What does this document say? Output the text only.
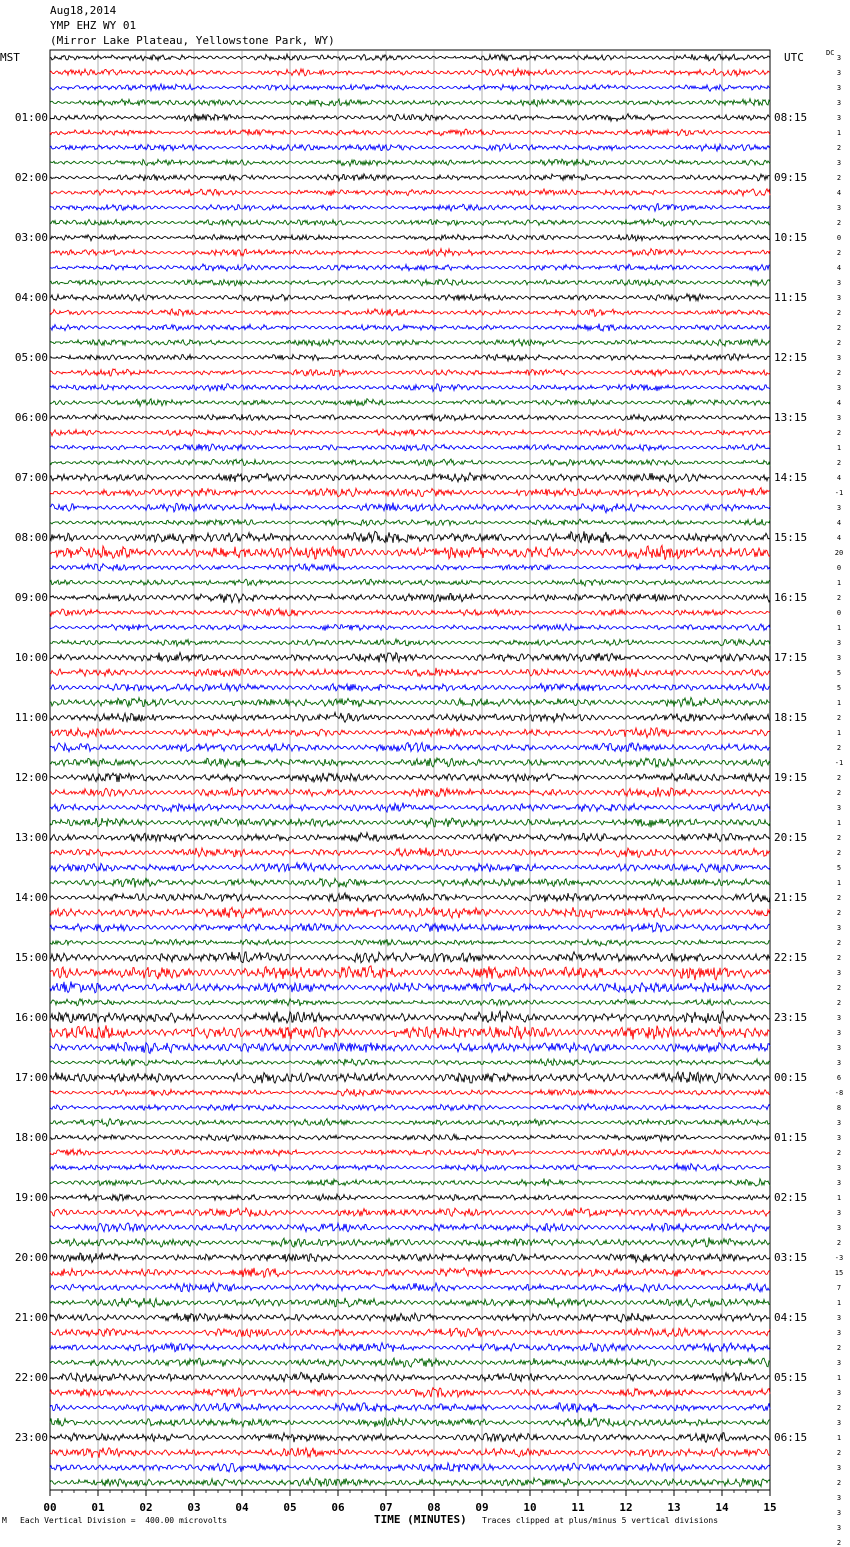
Aug18,2014
YMP EHZ WY 01
(Mirror Lake Plateau, Yellowstone Park, WY)
MST	UTC	DC
01:00
02:00
03:00
04:00
05:00
06:00
07:00
08:00
09:00
10:00
11:00
12:00
13:00
14:00
15:00
16:00
17:00
18:00
19:00
20:00
21:00
22:00
23:00
08:15
09:15
10:15
11:15
12:15
13:15
14:15
15:15
16:15
17:15
18:15
19:15
20:15
21:15
22:15
23:15
00:15
01:15
02:15
03:15
04:15
05:15
06:15
3
3
3
3
3
1
2
3
2
4
3
2
0
2
4
3
3
2
2
2
3
2
3
4
3
2
1
2
4
-1
3
4
4
20
0
1
2
0
1
3
3
5
5
1
2
1
2
-1
2
2
3
1
2
2
5
1
2
2
3
2
2
3
2
2
3
3
3
3
6
-8
8
3
3
2
3
3
1
3
3
2
-3
15
7
1
3
3
2
3
1
3
2
3
1
2
3
2
3
3
3
2
00	01	02	03	04	05	06	07	08	09	10	11	12	13	14	15
M Each Vertical Division =  400.00 microvolts	TIME (MINUTES) Traces clipped at plus/minus 5 vertical divisions
